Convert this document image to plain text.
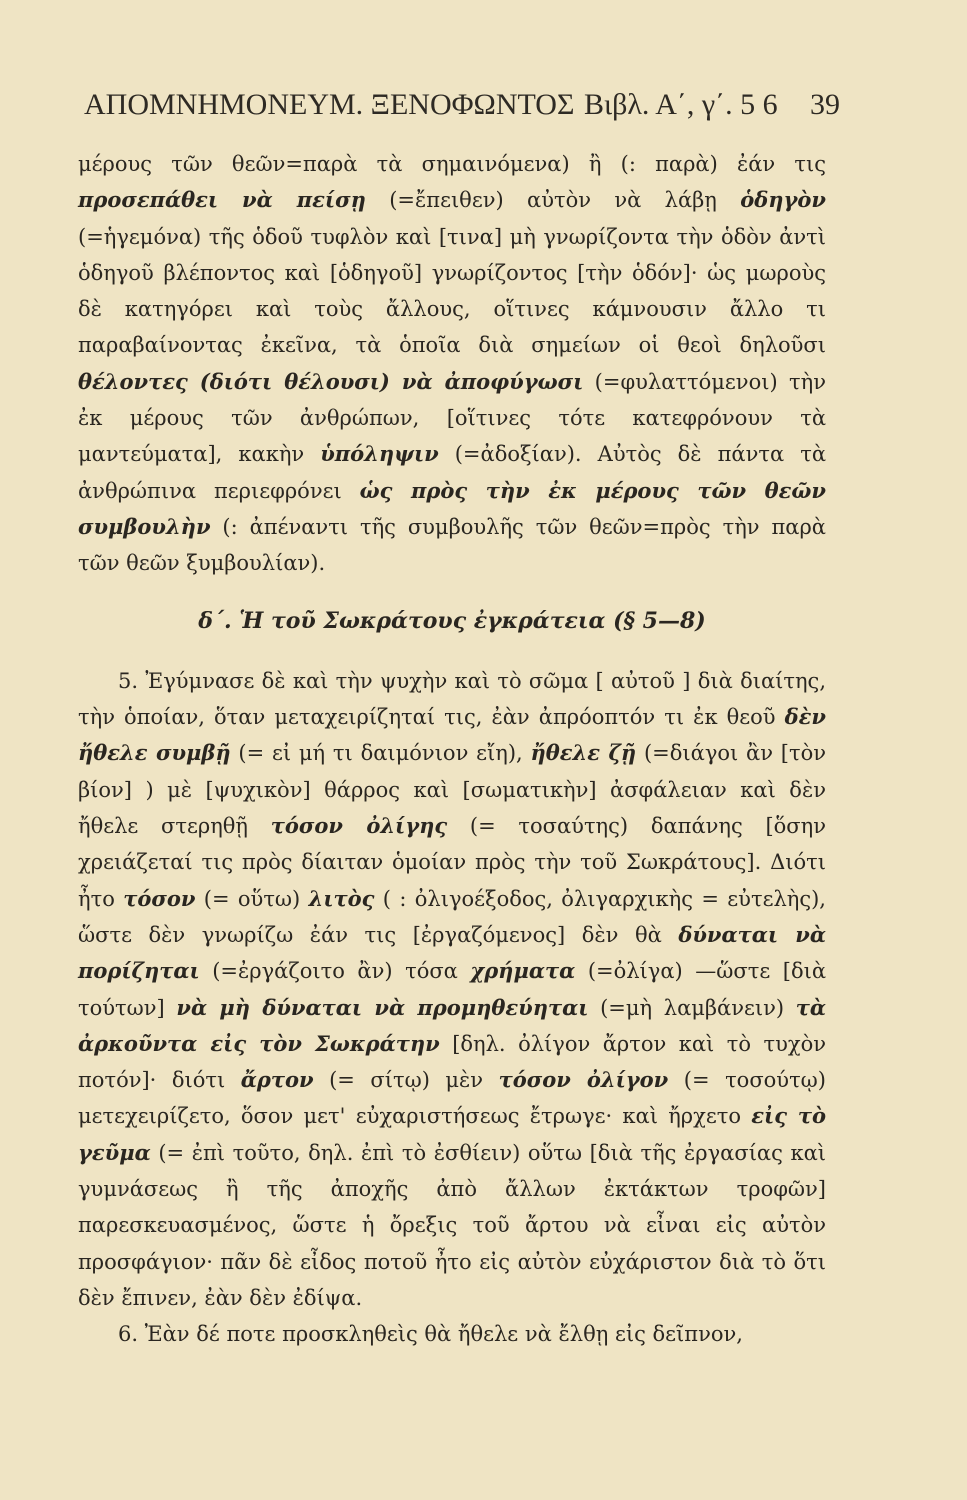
ΑΠΟΜΝΗΜΟΝΕΥΜ. ΞΕΝΟΦΩΝΤΟΣ Βιβλ. Α΄, γ΄. 5 6 39

μέρους τῶν θεῶν=παρὰ τὰ σημαινόμενα) ἢ (: παρὰ) ἐάν τις προσεπάθει νὰ πείσῃ (=ἔπειθεν) αὐτὸν νὰ λάβῃ ὁδηγὸν (=ἡγεμόνα) τῆς ὁδοῦ τυφλὸν καὶ [τινα] μὴ γνωρίζοντα τὴν ὁδὸν ἀντὶ ὁδηγοῦ βλέποντος καὶ [ὁδηγοῦ] γνωρίζοντος [τὴν ὁδόν]· ὡς μωροὺς δὲ κατηγόρει καὶ τοὺς ἄλλους, οἵτινες κάμνουσιν ἄλλο τι παραβαίνοντας ἐκεῖνα, τὰ ὁποῖα διὰ σημείων οἱ θεοὶ δηλοῦσι θέλοντες (διότι θέλουσι) νὰ ἀποφύγωσι (=φυλαττόμενοι) τὴν ἐκ μέρους τῶν ἀνθρώπων, [οἵτινες τότε κατεφρόνουν τὰ μαντεύματα], κακὴν ὑπόληψιν (=ἀδοξίαν). Αὐτὸς δὲ πάντα τὰ ἀνθρώπινα περιεφρόνει ὡς πρὸς τὴν ἐκ μέρους τῶν θεῶν συμβουλὴν (: ἀπέναντι τῆς συμβουλῆς τῶν θεῶν=πρὸς τὴν παρὰ τῶν θεῶν ξυμβουλίαν).

δ΄. Ἡ τοῦ Σωκράτους ἐγκράτεια (§ 5—8)

5. Ἐγύμνασε δὲ καὶ τὴν ψυχὴν καὶ τὸ σῶμα [ αὐτοῦ ] διὰ διαίτης, τὴν ὁποίαν, ὅταν μεταχειρίζηταί τις, ἐὰν ἀπρόοπτόν τι ἐκ θεοῦ δὲν ἤθελε συμβῇ (= εἰ μή τι δαιμόνιον εἴη), ἤθελε ζῇ (=διάγοι ἂν [τὸν βίον] ) μὲ [ψυχικὸν] θάρρος καὶ [σωματικὴν] ἀσφάλειαν καὶ δὲν ἤθελε στερηθῇ τόσον ὀλίγης (= τοσαύτης) δαπάνης [ὅσην χρειάζεταί τις πρὸς δίαιταν ὁμοίαν πρὸς τὴν τοῦ Σωκράτους]. Διότι ἦτο τόσον (= οὕτω) λιτὸς ( : ὀλιγοέξοδος, ὀλιγαρχικὴς = εὐτελὴς), ὥστε δὲν γνωρίζω ἐάν τις [ἐργαζόμενος] δὲν θὰ δύναται νὰ πορίζηται (=ἐργάζοιτο ἂν) τόσα χρήματα (=ὀλίγα) —ὥστε [διὰ τούτων] νὰ μὴ δύναται νὰ προμηθεύηται (=μὴ λαμβάνειν) τὰ ἀρκοῦντα εἰς τὸν Σωκράτην [δηλ. ὀλίγον ἄρτον καὶ τὸ τυχὸν ποτόν]· διότι ἄρτον (= σίτῳ) μὲν τόσον ὀλίγον (= τοσούτῳ) μετεχειρίζετο, ὅσον μετ' εὐχαριστήσεως ἔτρωγε· καὶ ἤρχετο εἰς τὸ γεῦμα (= ἐπὶ τοῦτο, δηλ. ἐπὶ τὸ ἐσθίειν) οὕτω [διὰ τῆς ἐργασίας καὶ γυμνάσεως ἢ τῆς ἀποχῆς ἀπὸ ἄλλων ἐκτάκτων τροφῶν] παρεσκευασμένος, ὥστε ἡ ὄρεξις τοῦ ἄρτου νὰ εἶναι εἰς αὐτὸν προσφάγιον· πᾶν δὲ εἶδος ποτοῦ ἦτο εἰς αὐτὸν εὐχάριστον διὰ τὸ ὅτι δὲν ἔπινεν, ἐὰν δὲν ἐδίψα.

6. Ἐὰν δέ ποτε προσκληθεὶς θὰ ἤθελε νὰ ἔλθῃ εἰς δεῖπνον,
